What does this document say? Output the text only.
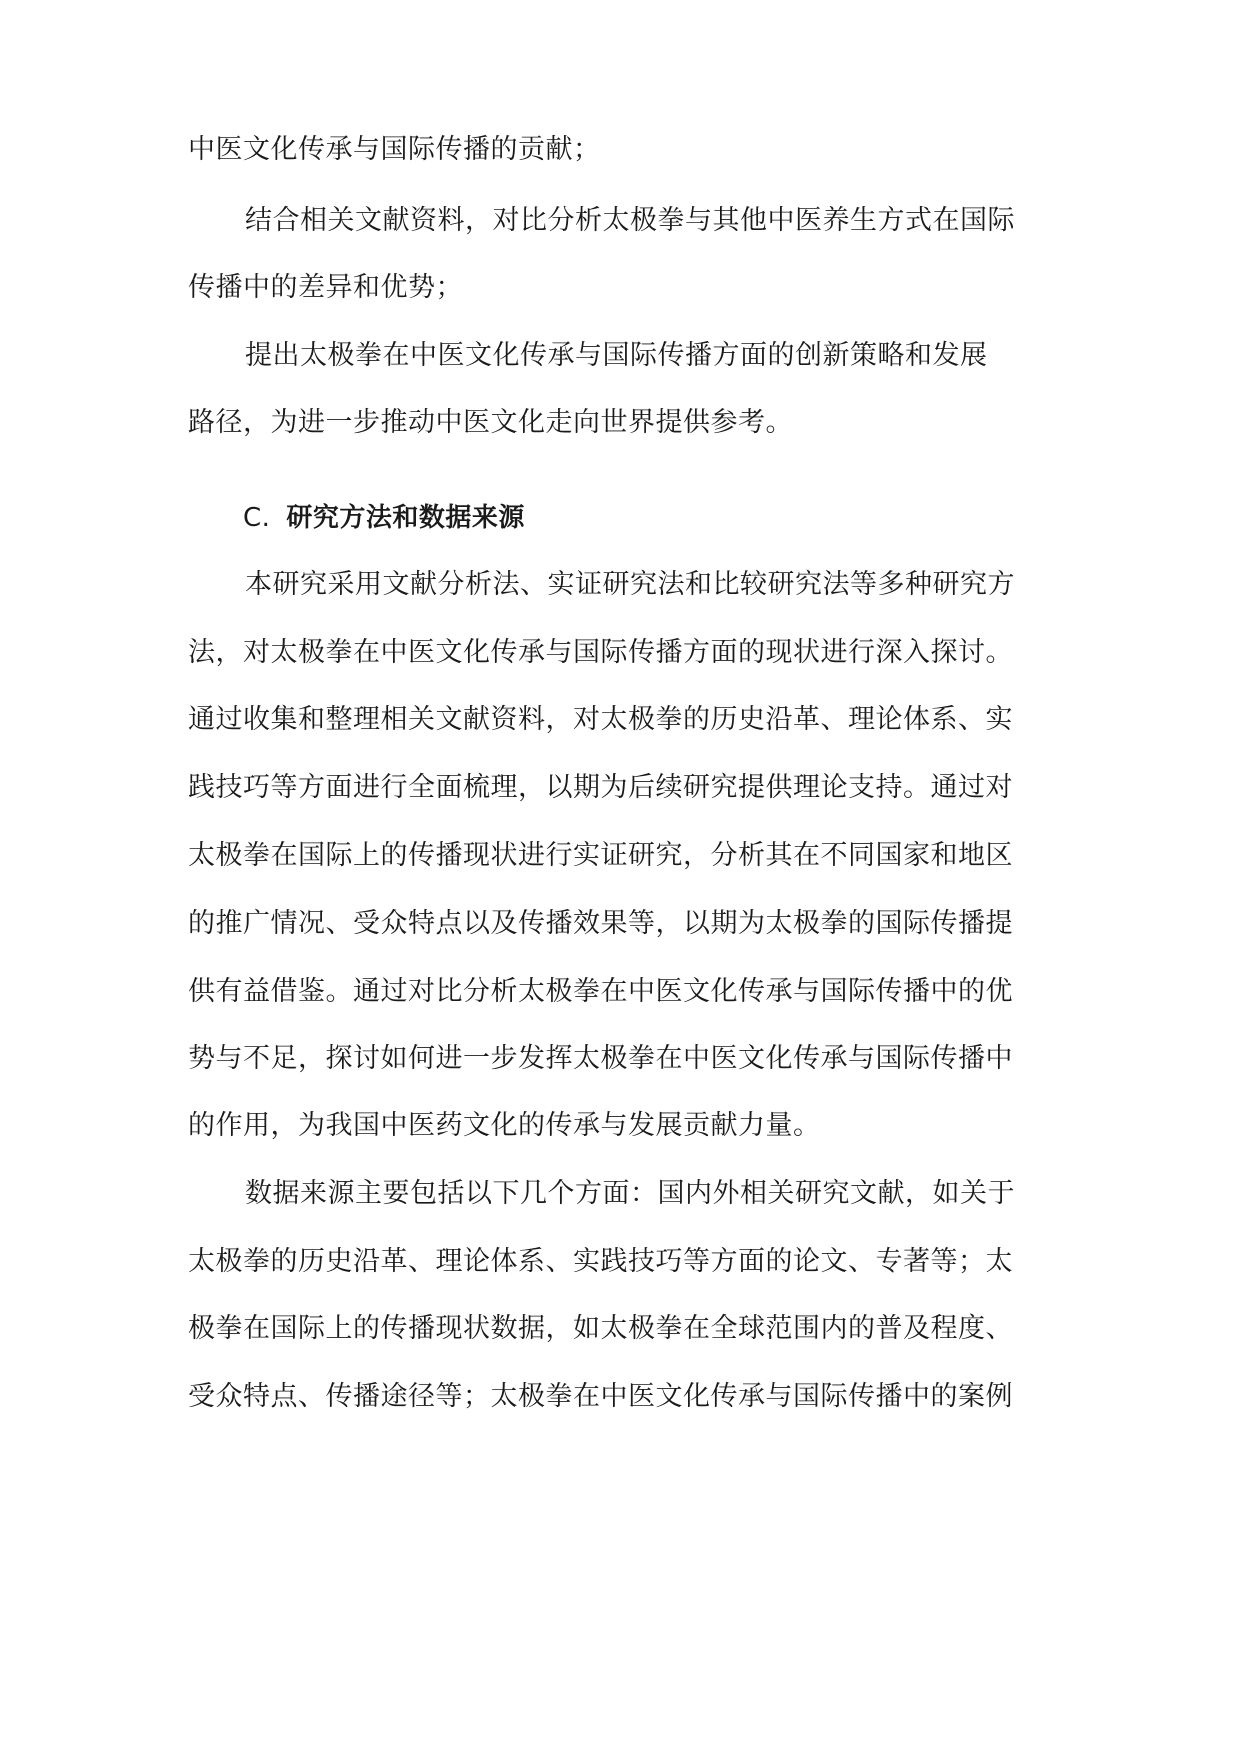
中医文化传承与国际传播的贡献；
结合相关文献资料，对比分析太极拳与其他中医养生方式在国际
传播中的差异和优势；
提出太极拳在中医文化传承与国际传播方面的创新策略和发展
路径，为进一步推动中医文化走向世界提供参考。
C. 研究方法和数据来源
本研究采用文献分析法、实证研究法和比较研究法等多种研究方
法，对太极拳在中医文化传承与国际传播方面的现状进行深入探讨。
通过收集和整理相关文献资料，对太极拳的历史沿革、理论体系、实
践技巧等方面进行全面梳理，以期为后续研究提供理论支持。通过对
太极拳在国际上的传播现状进行实证研究，分析其在不同国家和地区
的推广情况、受众特点以及传播效果等，以期为太极拳的国际传播提
供有益借鉴。通过对比分析太极拳在中医文化传承与国际传播中的优
势与不足，探讨如何进一步发挥太极拳在中医文化传承与国际传播中
的作用，为我国中医药文化的传承与发展贡献力量。
数据来源主要包括以下几个方面：国内外相关研究文献，如关于
太极拳的历史沿革、理论体系、实践技巧等方面的论文、专著等；太
极拳在国际上的传播现状数据，如太极拳在全球范围内的普及程度、
受众特点、传播途径等；太极拳在中医文化传承与国际传播中的案例
